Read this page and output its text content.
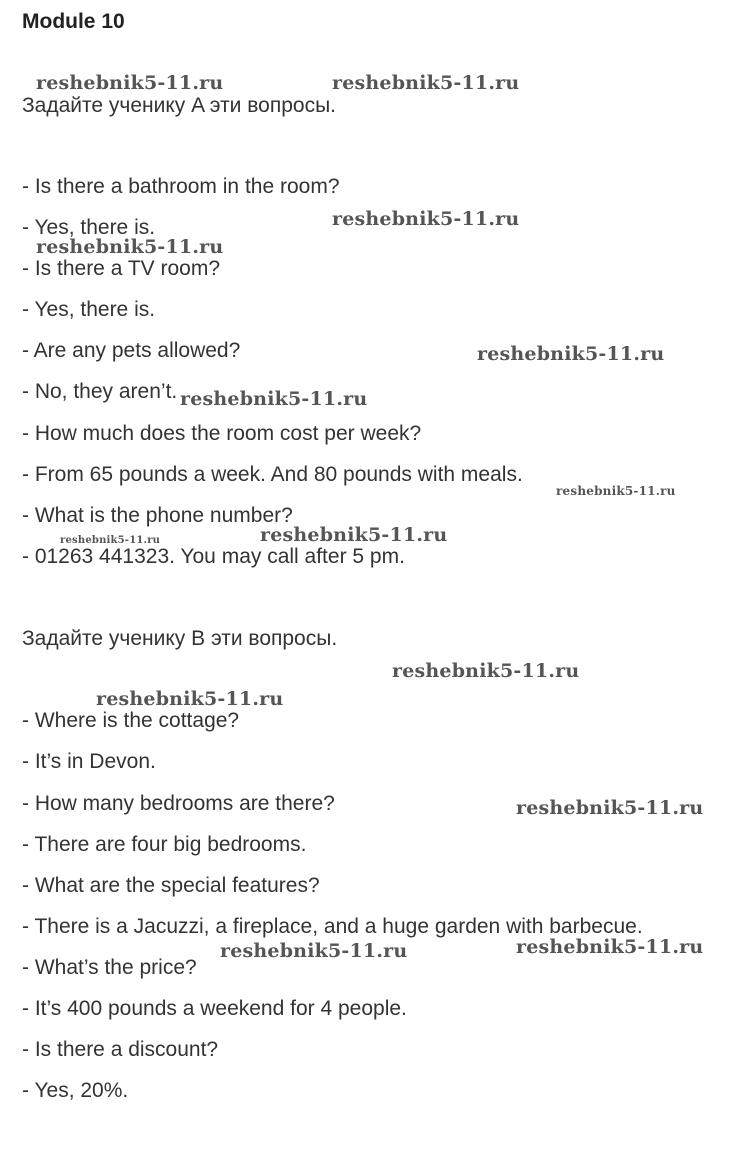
Module 10
Задайте ученику A эти вопросы.
- Is there a bathroom in the room?
- Yes, there is.
- Is there a TV room?
- Yes, there is.
- Are any pets allowed?
- No, they aren’t.
- How much does the room cost per week?
- From 65 pounds a week. And 80 pounds with meals.
- What is the phone number?
- 01263 441323. You may call after 5 pm.
Задайте ученику B эти вопросы.
- Where is the cottage?
- It’s in Devon.
- How many bedrooms are there?
- There are four big bedrooms.
- What are the special features?
- There is a Jacuzzi, a fireplace, and a huge garden with barbecue.
- What’s the price?
- It’s 400 pounds a weekend for 4 people.
- Is there a discount?
- Yes, 20%.
reshebnik5-11.ru	reshebnik5-11.ru
reshebnik5-11.ru
reshebnik5-11.ru
reshebnik5-11.ru
reshebnik5-11.ru
reshebnik5-11.ru
reshebnik5-11.ru
reshebnik5-11.ru
reshebnik5-11.ru
reshebnik5-11.ru
reshebnik5-11.ru
reshebnik5-11.ru	reshebnik5-11.ru
